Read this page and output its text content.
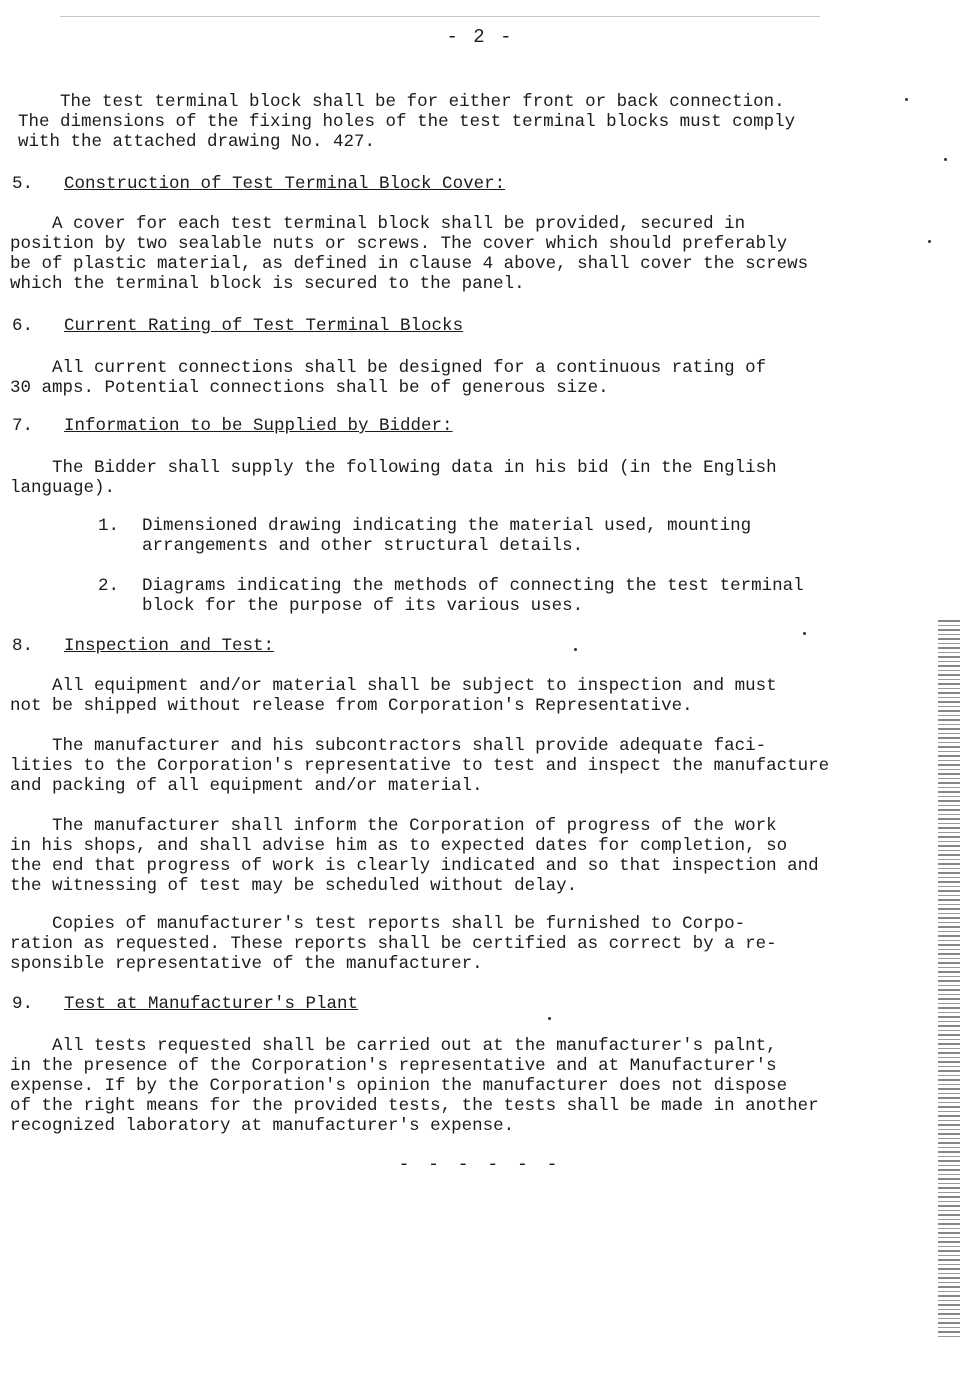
- 2 -

The test terminal block shall be for either front or back connection.
The dimensions of the fixing holes of the test terminal blocks must comply
with the attached drawing No. 427.

5. Construction of Test Terminal Block Cover:

A cover for each test terminal block shall be provided, secured in
position by two sealable nuts or screws. The cover which should preferably
be of plastic material, as defined in clause 4 above, shall cover the screws
which the terminal block is secured to the panel.

6. Current Rating of Test Terminal Blocks

All current connections shall be designed for a continuous rating of
30 amps. Potential connections shall be of generous size.

7. Information to be Supplied by Bidder:

The Bidder shall supply the following data in his bid (in the English
language).

1.

Dimensioned drawing indicating the material used, mounting
arrangements and other structural details.

2.

Diagrams indicating the methods of connecting the test terminal
block for the purpose of its various uses.

8. Inspection and Test:

All equipment and/or material shall be subject to inspection and must
not be shipped without release from Corporation's Representative.

The manufacturer and his subcontractors shall provide adequate faci-
lities to the Corporation's representative to test and inspect the manufacture
and packing of all equipment and/or material.

The manufacturer shall inform the Corporation of progress of the work
in his shops, and shall advise him as to expected dates for completion, so
the end that progress of work is clearly indicated and so that inspection and
the witnessing of test may be scheduled without delay.

Copies of manufacturer's test reports shall be furnished to Corpo-
ration as requested. These reports shall be certified as correct by a re-
sponsible representative of the manufacturer.

9. Test at Manufacturer's Plant

All tests requested shall be carried out at the manufacturer's palnt,
in the presence of the Corporation's representative and at Manufacturer's
expense. If by the Corporation's opinion the manufacturer does not dispose
of the right means for the provided tests, the tests shall be made in another
recognized laboratory at manufacturer's expense.

- - - - - -
